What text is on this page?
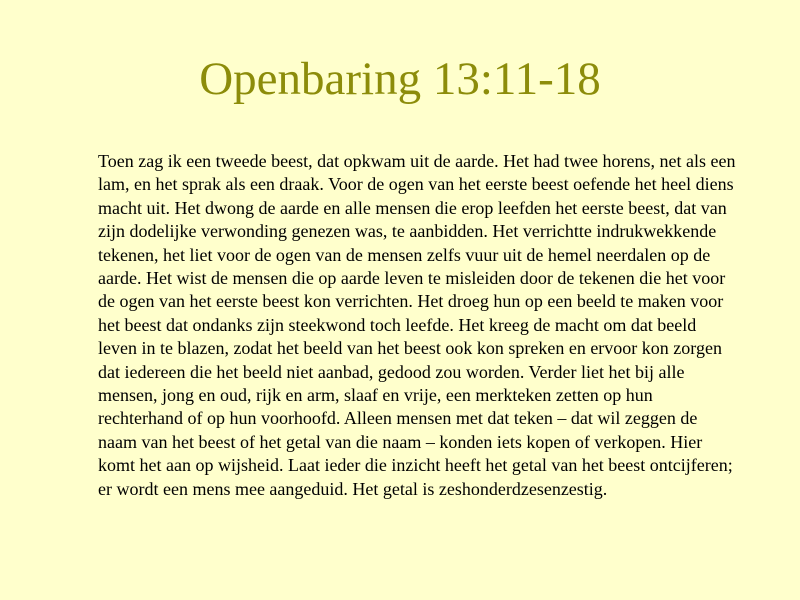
Openbaring 13:11-18

Toen zag ik een tweede beest, dat opkwam uit de aarde. Het had twee horens, net als een lam, en het sprak als een draak. Voor de ogen van het eerste beest oefende het heel diens macht uit. Het dwong de aarde en alle mensen die erop leefden het eerste beest, dat van zijn dodelijke verwonding genezen was, te aanbidden. Het verrichtte indrukwekkende tekenen, het liet voor de ogen van de mensen zelfs vuur uit de hemel neerdalen op de aarde. Het wist de mensen die op aarde leven te misleiden door de tekenen die het voor de ogen van het eerste beest kon verrichten. Het droeg hun op een beeld te maken voor het beest dat ondanks zijn steekwond toch leefde. Het kreeg de macht om dat beeld leven in te blazen, zodat het beeld van het beest ook kon spreken en ervoor kon zorgen dat iedereen die het beeld niet aanbad, gedood zou worden. Verder liet het bij alle mensen, jong en oud, rijk en arm, slaaf en vrije, een merkteken zetten op hun rechterhand of op hun voorhoofd. Alleen mensen met dat teken – dat wil zeggen de naam van het beest of het getal van die naam – konden iets kopen of verkopen. Hier komt het aan op wijsheid. Laat ieder die inzicht heeft het getal van het beest ontcijferen; er wordt een mens mee aangeduid. Het getal is zeshonderdzesenzestig.
